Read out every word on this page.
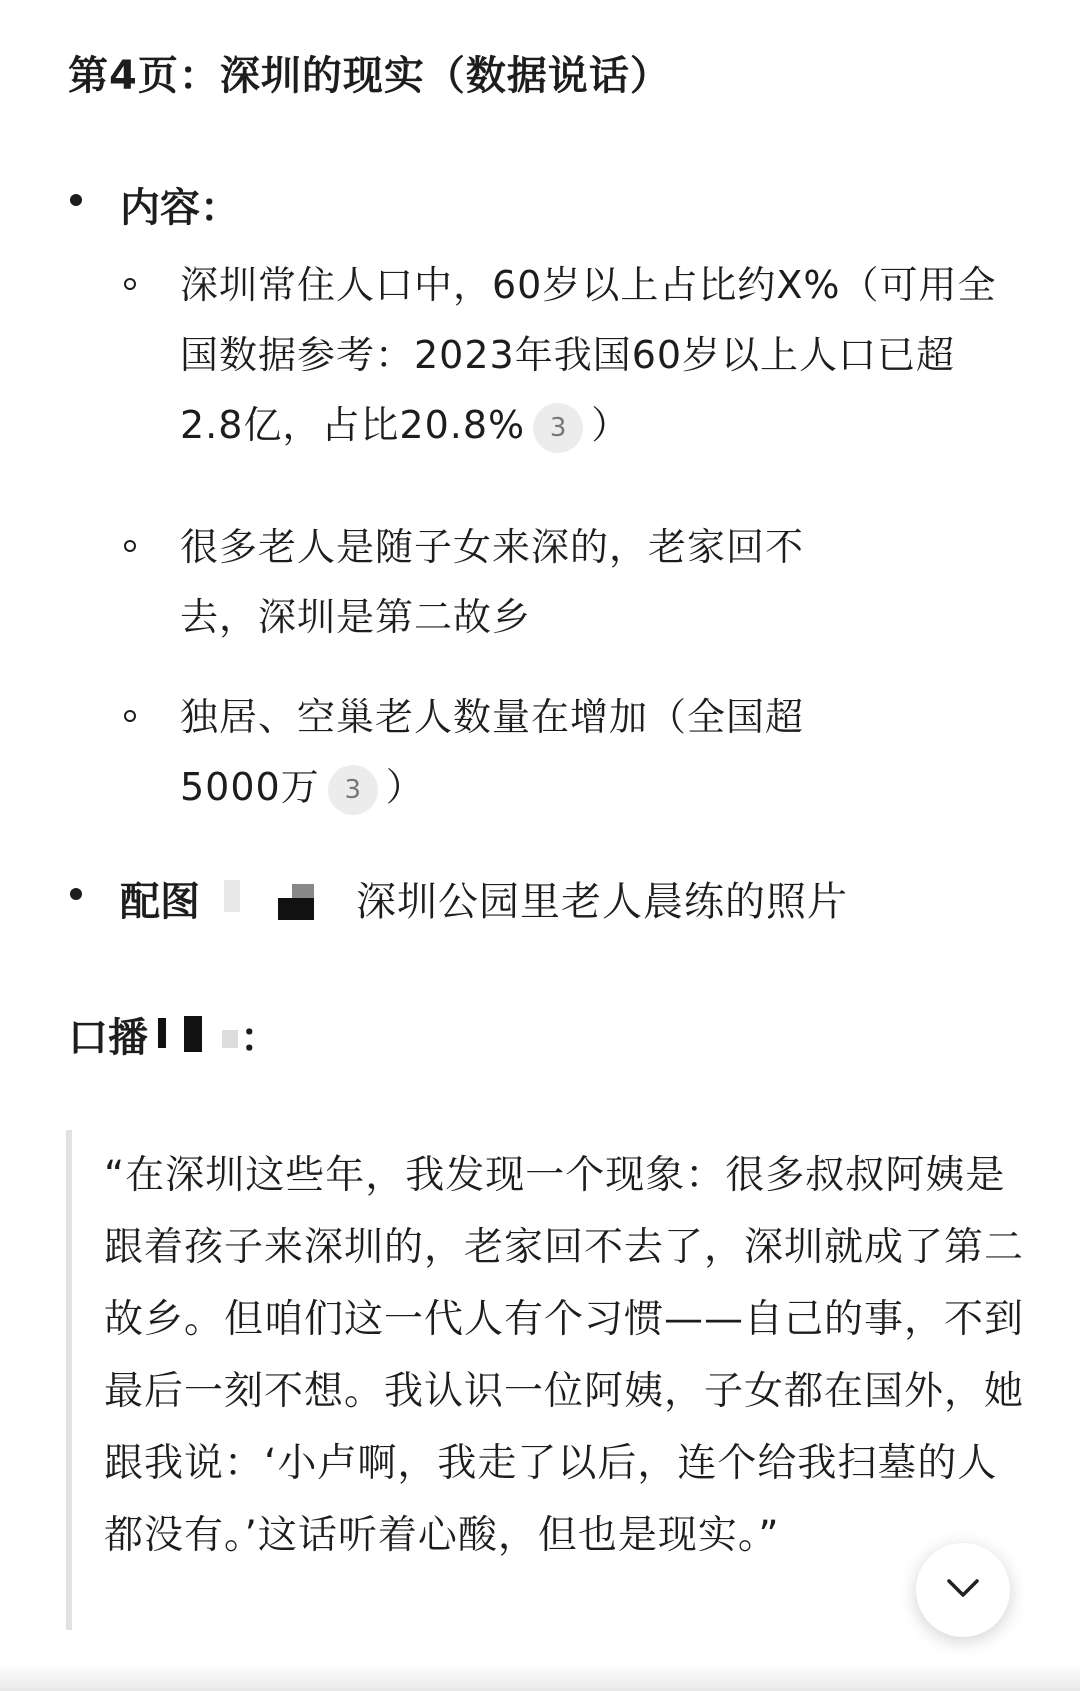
第4页：深圳的现实（数据说话）
内容：
深圳常住人口中，60岁以上占比约X%（可用全国数据参考：2023年我国60岁以上人口已超2.8亿，占比20.8% 3 ）
很多老人是随子女来深的，老家回不去，深圳是第二故乡
独居、空巢老人数量在增加（全国超5000万 3 ）
配图	深圳公园里老人晨练的照片
口播 ：

“在深圳这些年，我发现一个现象：很多叔叔阿姨是跟着孩子来深圳的，老家回不去了，深圳就成了第二故乡。但咱们这一代人有个习惯——自己的事，不到最后一刻不想。我认识一位阿姨，子女都在国外，她跟我说：‘小卢啊，我走了以后，连个给我扫墓的人都没有。’这话听着心酸，但也是现实。”
